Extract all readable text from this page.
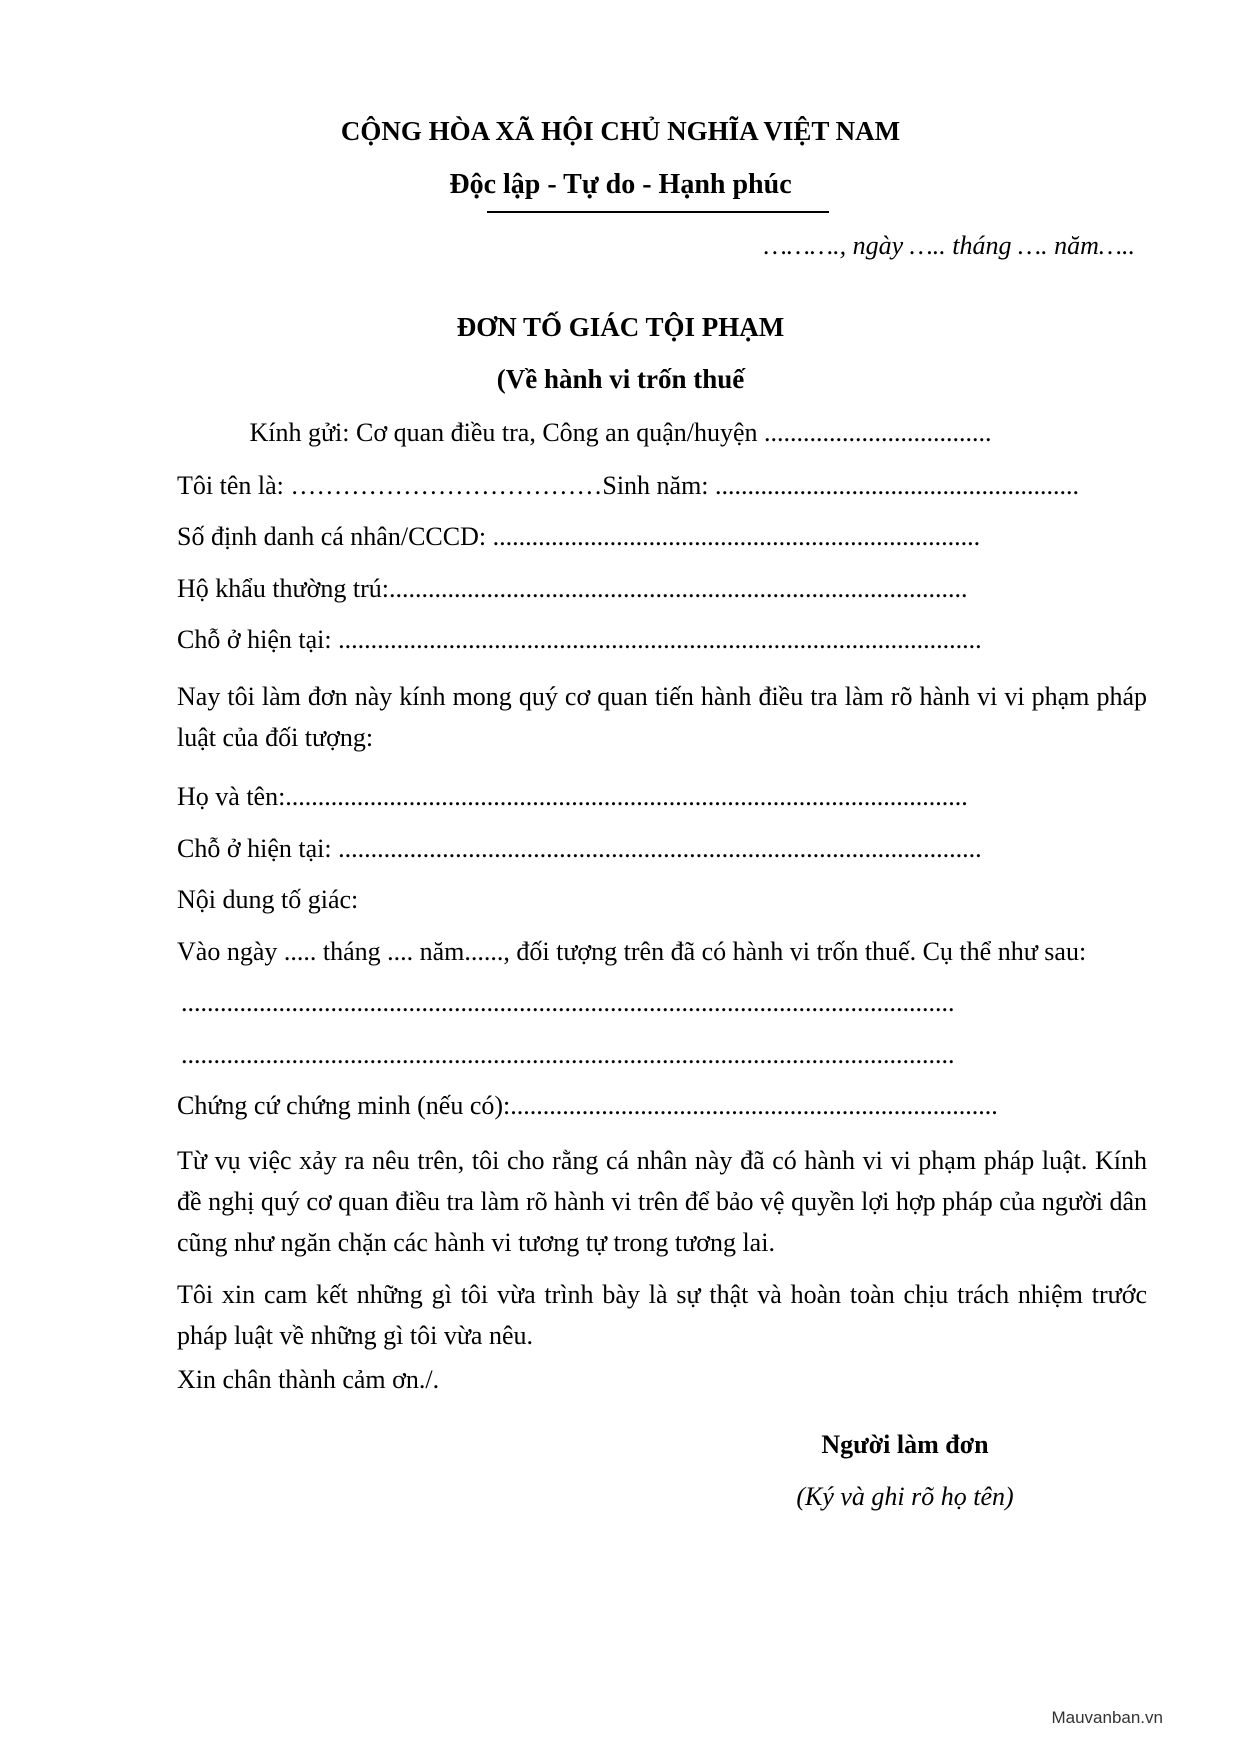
CỘNG HÒA XÃ HỘI CHỦ NGHĨA VIỆT NAM
Độc lập - Tự do - Hạnh phúc
………., ngày ….. tháng …. năm…..
ĐƠN TỐ GIÁC TỘI PHẠM
(Về hành vi trốn thuế
Kính gửi: Cơ quan điều tra, Công an quận/huyện ...................................
Tôi tên là: ………………………………Sinh năm: ........................................................
Số định danh cá nhân/CCCD: ...........................................................................
Hộ khẩu thường trú:.........................................................................................
Chỗ ở hiện tại: ...................................................................................................

Nay tôi làm đơn này kính mong quý cơ quan tiến hành điều tra làm rõ hành vi vi phạm pháp luật của đối tượng:

Họ và tên:.........................................................................................................
Chỗ ở hiện tại: ...................................................................................................
Nội dung tố giác:
Vào ngày ..... tháng .... năm......, đối tượng trên đã có hành vi trốn thuế. Cụ thể như sau:
.......................................................................................................................
.......................................................................................................................
Chứng cứ chứng minh (nếu có):...........................................................................

Từ vụ việc xảy ra nêu trên, tôi cho rằng cá nhân này đã có hành vi vi phạm pháp luật. Kính đề nghị quý cơ quan điều tra làm rõ hành vi trên để bảo vệ quyền lợi hợp pháp của người dân cũng như ngăn chặn các hành vi tương tự trong tương lai.

Tôi xin cam kết những gì tôi vừa trình bày là sự thật và hoàn toàn chịu trách nhiệm trước pháp luật về những gì tôi vừa nêu.

Xin chân thành cảm ơn./.
Người làm đơn
(Ký và ghi rõ họ tên)
Mauvanban.vn
